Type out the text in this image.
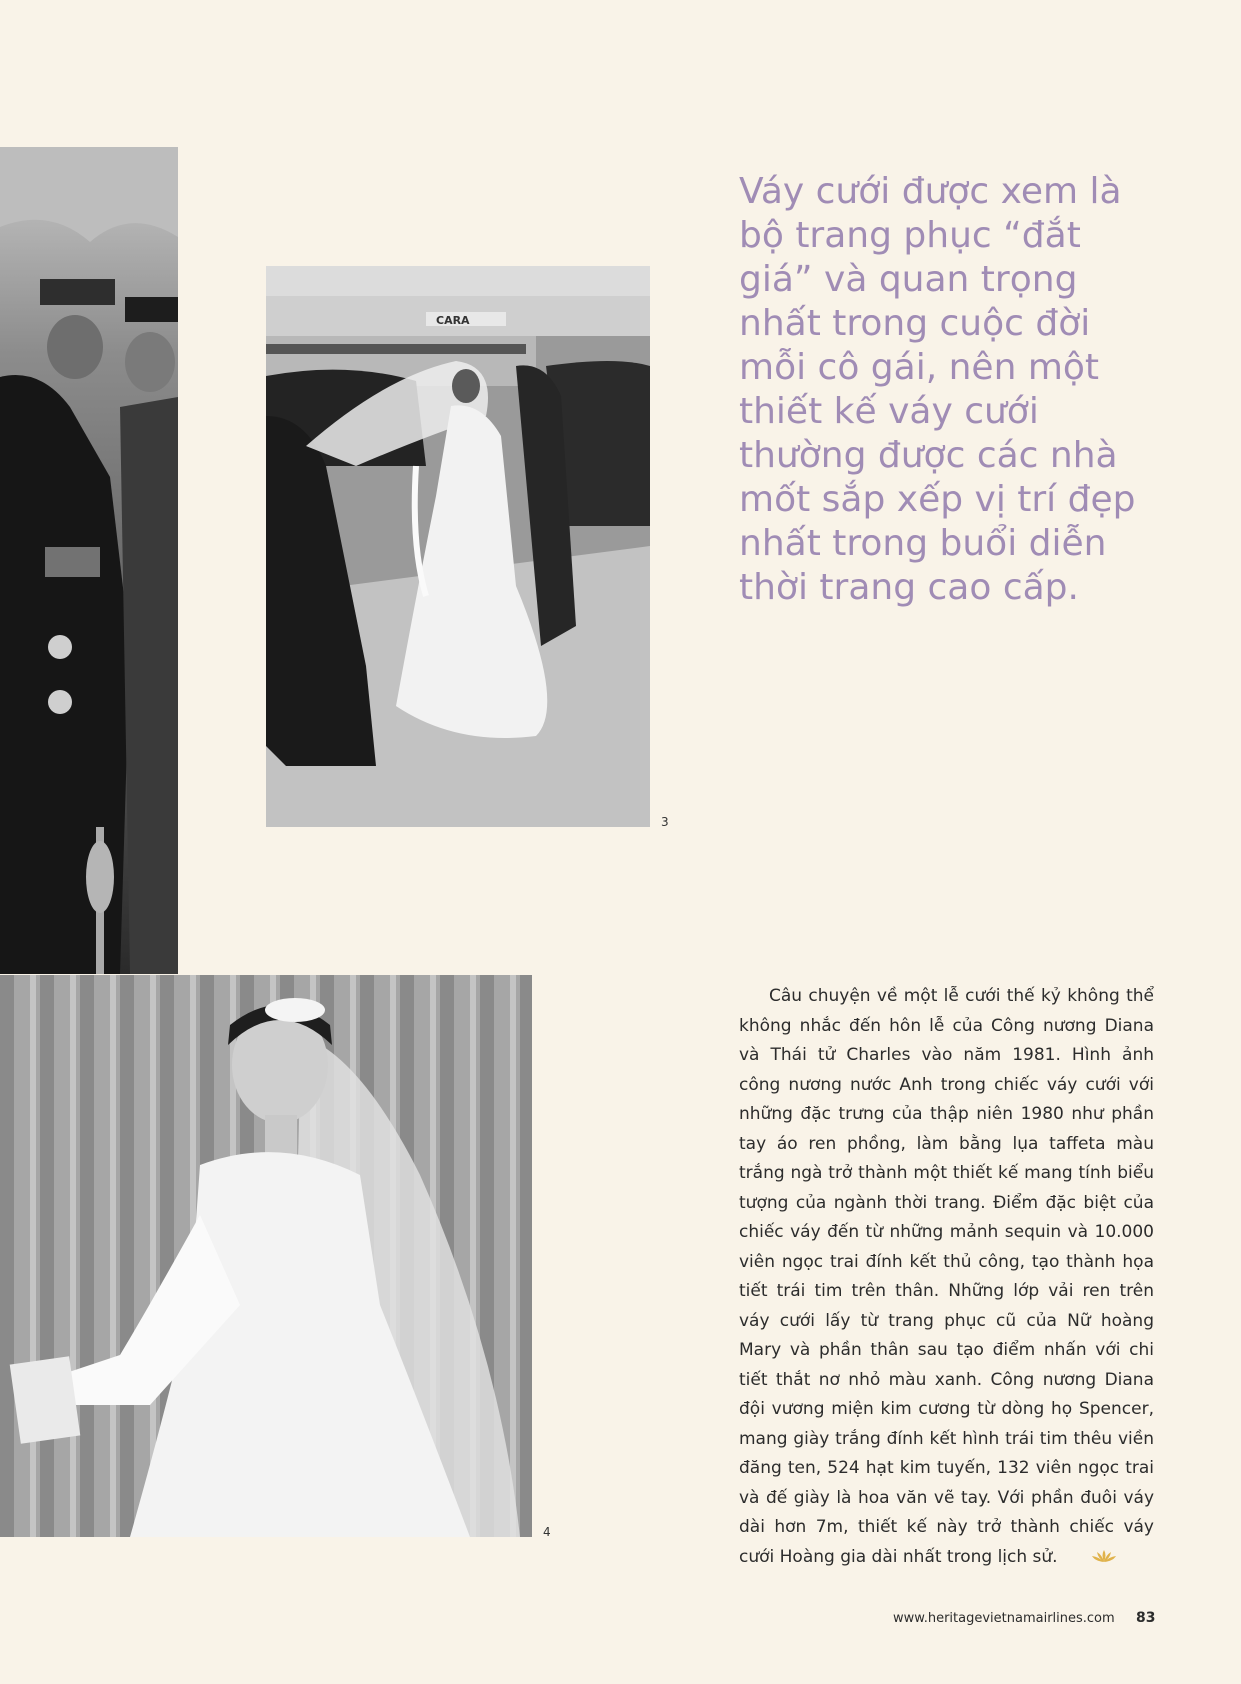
CARA
3
4

Váy cưới được xem là bộ trang phục “đắt giá” và quan trọng nhất trong cuộc đời mỗi cô gái, nên một thiết kế váy cưới thường được các nhà mốt sắp xếp vị trí đẹp nhất trong buổi diễn thời trang cao cấp.

Câu chuyện về một lễ cưới thế kỷ không thể không nhắc đến hôn lễ của Công nương Diana và Thái tử Charles vào năm 1981. Hình ảnh công nương nước Anh trong chiếc váy cưới với những đặc trưng của thập niên 1980 như phần tay áo ren phồng, làm bằng lụa taffeta màu trắng ngà trở thành một thiết kế mang tính biểu tượng của ngành thời trang. Điểm đặc biệt của chiếc váy đến từ những mảnh sequin và 10.000 viên ngọc trai đính kết thủ công, tạo thành họa tiết trái tim trên thân. Những lớp vải ren trên váy cưới lấy từ trang phục cũ của Nữ hoàng Mary và phần thân sau tạo điểm nhấn với chi tiết thắt nơ nhỏ màu xanh. Công nương Diana đội vương miện kim cương từ dòng họ Spencer, mang giày trắng đính kết hình trái tim thêu viền đăng ten, 524 hạt kim tuyến, 132 viên ngọc trai và đế giày là hoa văn vẽ tay. Với phần đuôi váy dài hơn 7m, thiết kế này trở thành chiếc váy cưới Hoàng gia dài nhất trong lịch sử.

www.heritagevietnamairlines.com 83
